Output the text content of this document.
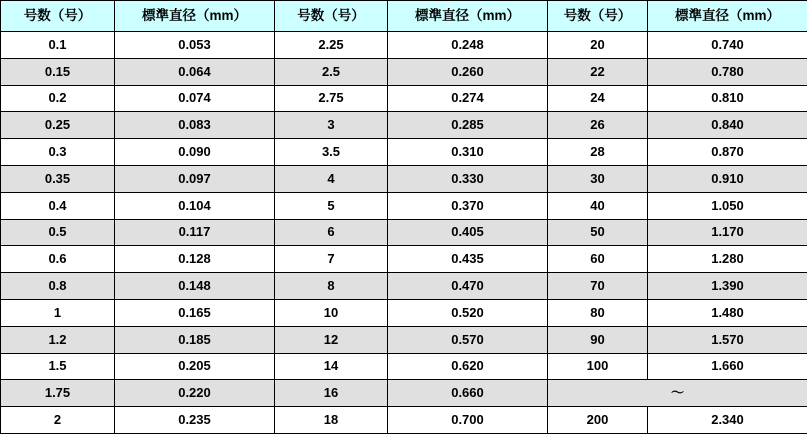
号数（号）	標準直径（mm）	号数（号）	標準直径（mm）	号数（号）	標準直径（mm）
0.1	0.053	2.25	0.248	20	0.740
0.15	0.064	2.5	0.260	22	0.780
0.2	0.074	2.75	0.274	24	0.810
0.25	0.083	3	0.285	26	0.840
0.3	0.090	3.5	0.310	28	0.870
0.35	0.097	4	0.330	30	0.910
0.4	0.104	5	0.370	40	1.050
0.5	0.117	6	0.405	50	1.170
0.6	0.128	7	0.435	60	1.280
0.8	0.148	8	0.470	70	1.390
1	0.165	10	0.520	80	1.480
1.2	0.185	12	0.570	90	1.570
1.5	0.205	14	0.620	100	1.660
1.75	0.220	16	0.660	～	
2	0.235	18	0.700	200	2.340
